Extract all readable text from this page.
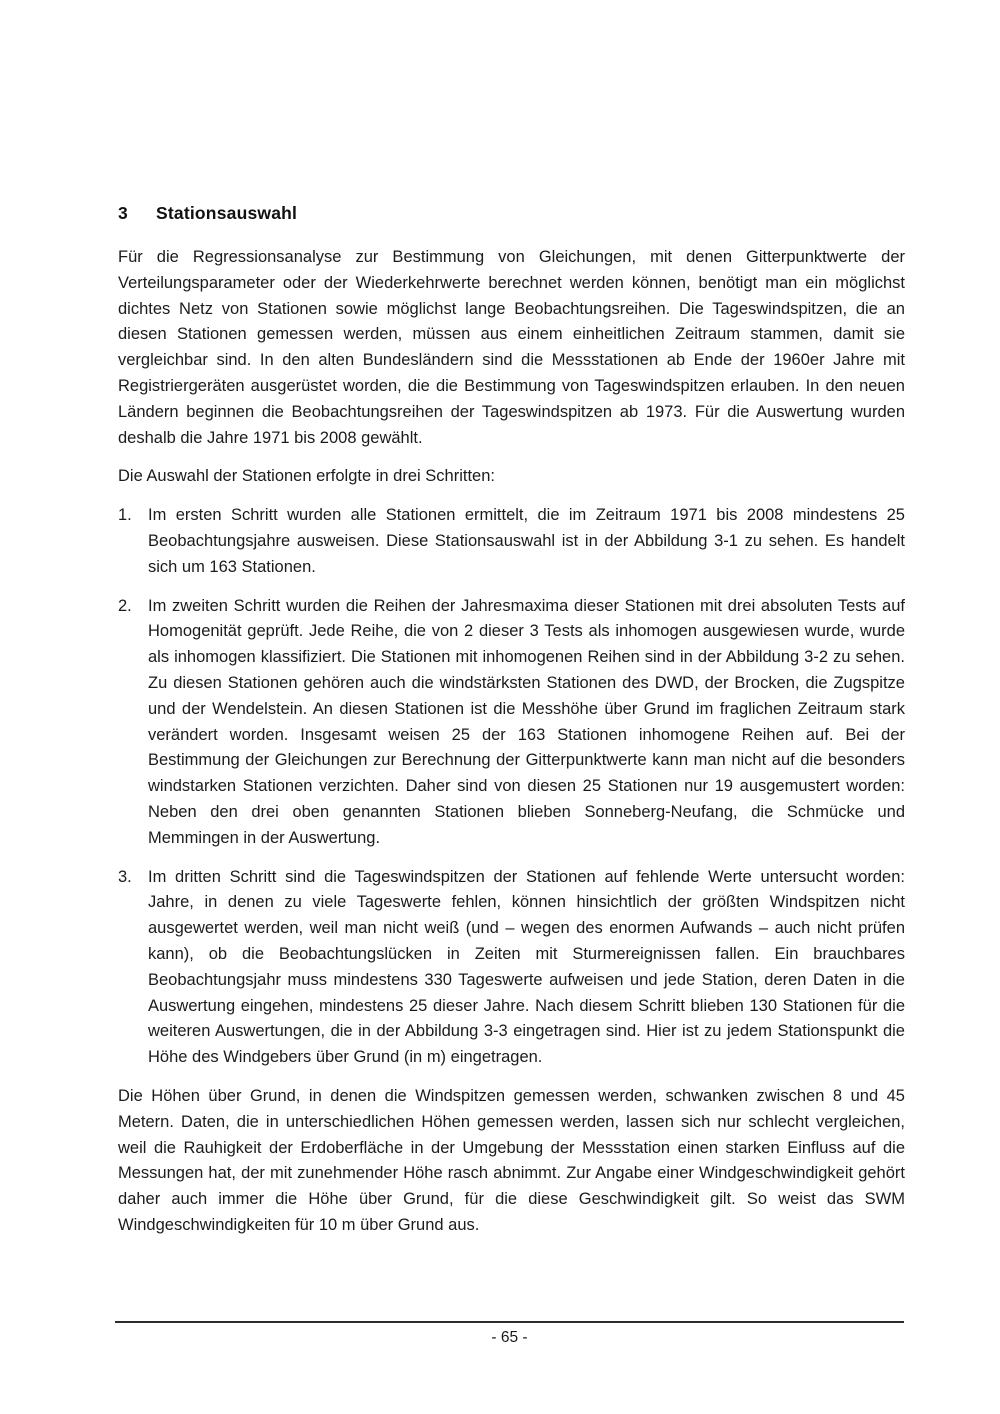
3	Stationsauswahl

Für die Regressionsanalyse zur Bestimmung von Gleichungen, mit denen Gitterpunktwerte der Verteilungsparameter oder der Wiederkehrwerte berechnet werden können, benötigt man ein möglichst dichtes Netz von Stationen sowie möglichst lange Beobachtungsreihen. Die Tageswindspitzen, die an diesen Stationen gemessen werden, müssen aus einem einheitlichen Zeitraum stammen, damit sie vergleichbar sind. In den alten Bundesländern sind die Messstationen ab Ende der 1960er Jahre mit Registriergeräten ausgerüstet worden, die die Bestimmung von Tageswindspitzen erlauben. In den neuen Ländern beginnen die Beobachtungsreihen der Tageswindspitzen ab 1973. Für die Auswertung wurden deshalb die Jahre 1971 bis 2008 gewählt.

Die Auswahl der Stationen erfolgte in drei Schritten:

1. Im ersten Schritt wurden alle Stationen ermittelt, die im Zeitraum 1971 bis 2008 mindestens 25 Beobachtungsjahre ausweisen. Diese Stationsauswahl ist in der Abbildung 3-1 zu sehen. Es handelt sich um 163 Stationen.
2. Im zweiten Schritt wurden die Reihen der Jahresmaxima dieser Stationen mit drei absoluten Tests auf Homogenität geprüft. Jede Reihe, die von 2 dieser 3 Tests als inhomogen ausgewiesen wurde, wurde als inhomogen klassifiziert. Die Stationen mit inhomogenen Reihen sind in der Abbildung 3-2 zu sehen. Zu diesen Stationen gehören auch die windstärksten Stationen des DWD, der Brocken, die Zugspitze und der Wendelstein. An diesen Stationen ist die Messhöhe über Grund im fraglichen Zeitraum stark verändert worden. Insgesamt weisen 25 der 163 Stationen inhomogene Reihen auf. Bei der Bestimmung der Gleichungen zur Berechnung der Gitterpunktwerte kann man nicht auf die besonders windstarken Stationen verzichten. Daher sind von diesen 25 Stationen nur 19 ausgemustert worden: Neben den drei oben genannten Stationen blieben Sonneberg-Neufang, die Schmücke und Memmingen in der Auswertung.
3. Im dritten Schritt sind die Tageswindspitzen der Stationen auf fehlende Werte untersucht worden: Jahre, in denen zu viele Tageswerte fehlen, können hinsichtlich der größten Windspitzen nicht ausgewertet werden, weil man nicht weiß (und – wegen des enormen Aufwands – auch nicht prüfen kann), ob die Beobachtungslücken in Zeiten mit Sturmereignissen fallen. Ein brauchbares Beobachtungsjahr muss mindestens 330 Tageswerte aufweisen und jede Station, deren Daten in die Auswertung eingehen, mindestens 25 dieser Jahre. Nach diesem Schritt blieben 130 Stationen für die weiteren Auswertungen, die in der Abbildung 3-3 eingetragen sind. Hier ist zu jedem Stationspunkt die Höhe des Windgebers über Grund (in m) eingetragen.

Die Höhen über Grund, in denen die Windspitzen gemessen werden, schwanken zwischen 8 und 45 Metern. Daten, die in unterschiedlichen Höhen gemessen werden, lassen sich nur schlecht vergleichen, weil die Rauhigkeit der Erdoberfläche in der Umgebung der Messstation einen starken Einfluss auf die Messungen hat, der mit zunehmender Höhe rasch abnimmt. Zur Angabe einer Windgeschwindigkeit gehört daher auch immer die Höhe über Grund, für die diese Geschwindigkeit gilt. So weist das SWM Windgeschwindigkeiten für 10 m über Grund aus.

- 65 -
